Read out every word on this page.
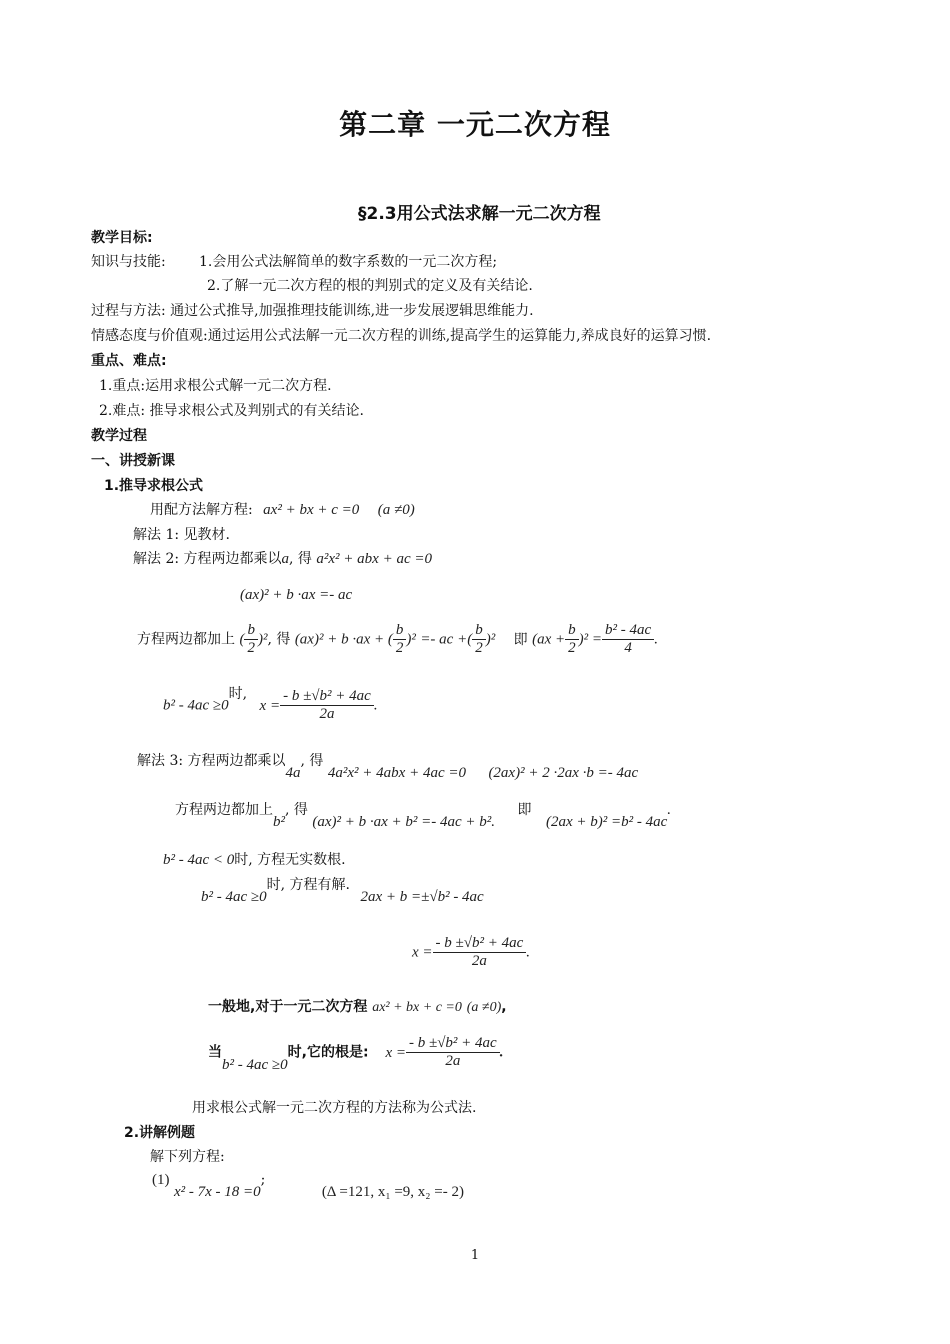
第二章 一元二次方程
§2.3用公式法求解一元二次方程
教学目标:
知识与技能: 1.会用公式法解简单的数字系数的一元二次方程;
2.了解一元二次方程的根的判别式的定义及有关结论.
过程与方法: 通过公式推导,加强推理技能训练,进一步发展逻辑思维能力.
情感态度与价值观:通过运用公式法解一元二次方程的训练,提高学生的运算能力,养成良好的运算习惯.
重点、难点:
1.重点:运用求根公式解一元二次方程.
2.难点: 推导求根公式及判别式的有关结论.
教学过程
一、讲授新课
1.推导求根公式
用配方法解方程: ax² + bx + c =0 (a ≠0)
解法 1: 见教材.
解法 2: 方程两边都乘以a, 得 a²x² + abx + ac =0
(ax)² + b ·ax =- ac
方程两边都加上 ( $\frac{b}{2} )^2$, 得 (ax)² + b ·ax + ( $\frac{b}{2} )^2$ =- ac +( $\frac{b}{2} )^2$ 即 $(ax + \frac{b}{2} )^2 = \frac{\text{b² - 4ac}}{4}$ .
b² - 4ac ≥0时, $x = \frac{\text{- b ±√b² + 4ac}}{2a}$ .
解法 3: 方程两边都乘以4a, 得 4a²x² + 4abx + 4ac =0 (2ax)² + 2 ·2ax ·b =- 4ac
方程两边都加上b², 得 (ax)² + b ·ax + b² =- 4ac + b². 即 (2ax + b)² =b² - 4ac.
b² - 4ac < 0时, 方程无实数根.
b² - 4ac ≥0时, 方程有解. 2ax + b =±√b² - 4ac
$x = \frac{\text{- b ±√b² + 4ac}}{2a}$ .
一般地,对于一元二次方程 ax² + bx + c =0 (a ≠0),
当b² - 4ac ≥0时,它的根是: $x = \frac{\text{- b ±√b² + 4ac}}{2a}$ .
用求根公式解一元二次方程的方法称为公式法.
2.讲解例题
解下列方程:
(1) x² - 7x - 18 =0; (Δ =121, x₁ =9, x₂ =- 2)
1
